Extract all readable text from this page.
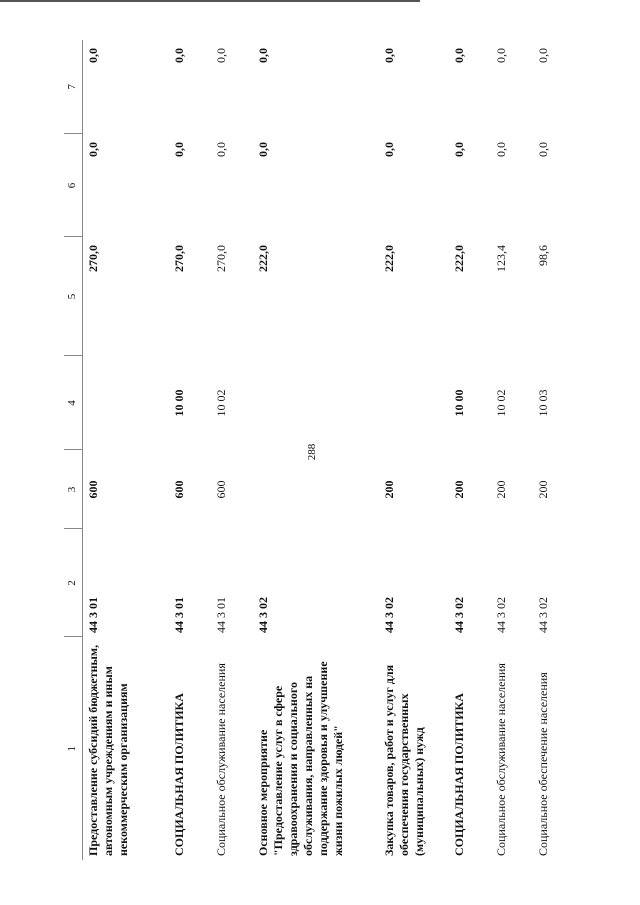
288
1	2	3	4	5	6	7
Предоставление субсидий бюджетным, автономным учреждениям и иным некоммерческим организациям	44 3 01	600		270,0	0,0	0,0
СОЦИАЛЬНАЯ ПОЛИТИКА	44 3 01	600	10 00	270,0	0,0	0,0
Социальное обслуживание населения	44 3 01	600	10 02	270,0	0,0	0,0
Основное мероприятие "Предоставление услуг в сфере здравоохранения и социального обслуживания, направленных на поддержание здоровья и улучшение жизни пожилых людей"	44 3 02			222,0	0,0	0,0
Закупка товаров, работ и услуг для обеспечения государственных (муниципальных) нужд	44 3 02	200		222,0	0,0	0,0
СОЦИАЛЬНАЯ ПОЛИТИКА	44 3 02	200	10 00	222,0	0,0	0,0
Социальное обслуживание населения	44 3 02	200	10 02	123,4	0,0	0,0
Социальное обеспечение населения	44 3 02	200	10 03	98,6	0,0	0,0
